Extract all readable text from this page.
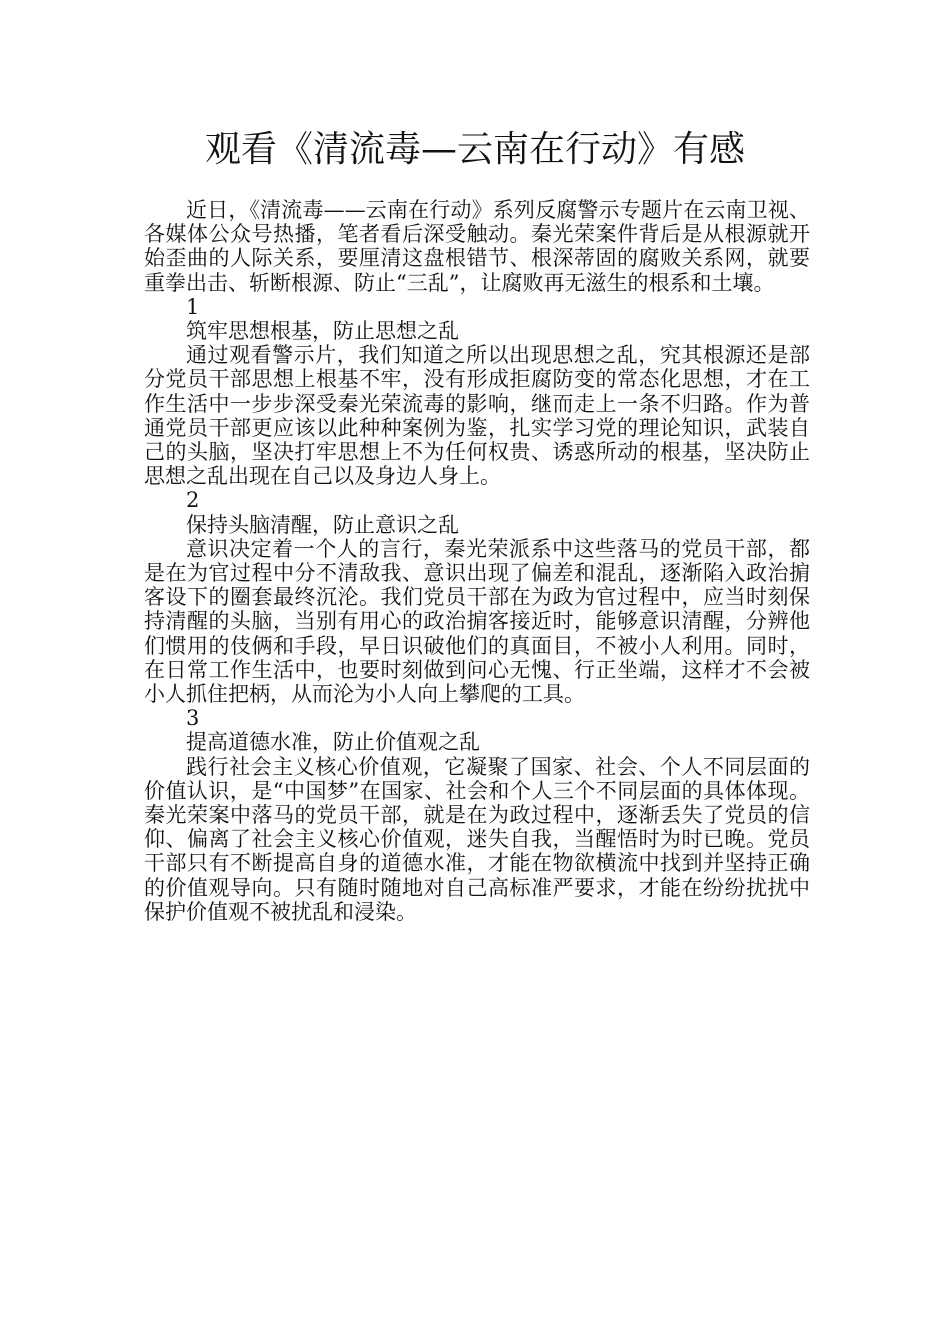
观看《清流毒—云南在行动》有感

近日，《清流毒——云南在行动》系列反腐警示专题片在云南卫视、各媒体公众号热播，笔者看后深受触动。秦光荣案件背后是从根源就开始歪曲的人际关系，要厘清这盘根错节、根深蒂固的腐败关系网，就要重拳出击、斩断根源、防止“三乱”，让腐败再无滋生的根系和土壤。

1

筑牢思想根基，防止思想之乱

通过观看警示片，我们知道之所以出现思想之乱，究其根源还是部分党员干部思想上根基不牢，没有形成拒腐防变的常态化思想，才在工作生活中一步步深受秦光荣流毒的影响，继而走上一条不归路。作为普通党员干部更应该以此种种案例为鉴，扎实学习党的理论知识，武装自己的头脑，坚决打牢思想上不为任何权贵、诱惑所动的根基，坚决防止思想之乱出现在自己以及身边人身上。

2

保持头脑清醒，防止意识之乱

意识决定着一个人的言行，秦光荣派系中这些落马的党员干部，都是在为官过程中分不清敌我、意识出现了偏差和混乱，逐渐陷入政治掮客设下的圈套最终沉沦。我们党员干部在为政为官过程中，应当时刻保持清醒的头脑，当别有用心的政治掮客接近时，能够意识清醒，分辨他们惯用的伎俩和手段，早日识破他们的真面目，不被小人利用。同时，在日常工作生活中，也要时刻做到问心无愧、行正坐端，这样才不会被小人抓住把柄，从而沦为小人向上攀爬的工具。

3

提高道德水准，防止价值观之乱

践行社会主义核心价值观，它凝聚了国家、社会、个人不同层面的价值认识，是“中国梦”在国家、社会和个人三个不同层面的具体体现。秦光荣案中落马的党员干部，就是在为政过程中，逐渐丢失了党员的信仰、偏离了社会主义核心价值观，迷失自我，当醒悟时为时已晚。党员干部只有不断提高自身的道德水准，才能在物欲横流中找到并坚持正确的价值观导向。只有随时随地对自己高标准严要求，才能在纷纷扰扰中保护价值观不被扰乱和浸染。
